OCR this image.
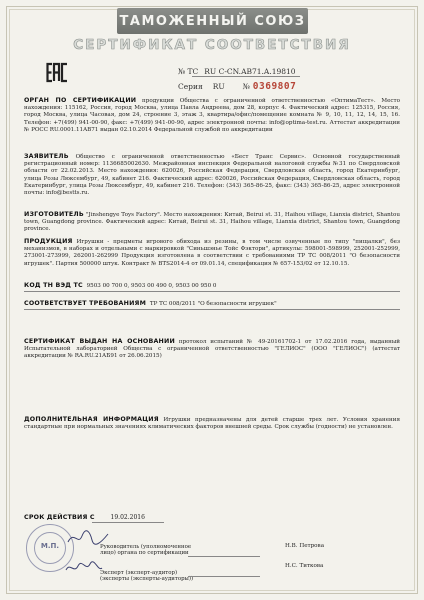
ТАМОЖЕННЫЙ СОЮЗ
СЕРТИФИКАТ СООТВЕТСТВИЯ
№ ТС RU C-CN.AB71.A.19810
Серия RU № 0369807
ОРГАН ПО СЕРТИФИКАЦИИ продукции Общества с ограниченной ответственностью «ОптимаТест». Место нахождения: 115162, Россия, город Москва, улица Павла Андреева, дом 28, корпус 4. Фактический адрес: 125315, Россия, город Москва, улица Часовая, дом 24, строение 3, этаж 3, квартира/офис/помещение комната № 9, 10, 11, 12, 14, 15, 16. Телефон: +7(499) 941-00-90, факс: +7(499) 941-00-90, адрес электронной почты: info@optima-test.ru. Аттестат аккредитации № РОСС RU.0001.11AB71 выдан 02.10.2014 Федеральной службой по аккредитации
ЗАЯВИТЕЛЬ Общество с ограниченной ответственностью «Бест Транс Сервис». Основной государственный регистрационный номер: 1136685002630. Межрайонная инспекция Федеральной налоговой службы №31 по Свердловской области от 22.02.2013. Место нахождения: 620026, Российская Федерация, Свердловская область, город Екатеринбург, улица Розы Люксембург, 49, кабинет 216. Фактический адрес: 620026, Российская Федерация, Свердловская область, город Екатеринбург, улица Розы Люксембург, 49, кабинет 216. Телефон: (343) 365-86-25, факс: (343) 365-86-25, адрес электронной почты: info@bestts.ru.
ИЗГОТОВИТЕЛЬ "Jinshengye Toys Factory". Место нахождения: Китай, Beirui st. 31, Haihou village, Lianxia district, Shantou town, Guangdong province. Фактический адрес: Китай, Beirui st. 31, Haihou village, Lianxia district, Shantou town, Guangdong province.
ПРОДУКЦИЯ Игрушки - предметы игрового обихода из резины, в том числе озвученные по типу "пищалки", без механизмов, в наборах и отдельными с маркировкой "Синьшэнье Тойс Фэктори", артикулы: 598001-598999, 252001-252999, 273001-273999, 262001-262999 Продукция изготовлена в соответствии с требованиями ТР ТС 008/2011 "О безопасности игрушек". Партия 500000 штук. Контракт № BTS2014-4 от 09.01.14, спецификация № 657-153/02 от 12.10.15.
КОД ТН ВЭД ТС 9503 00 700 0, 9503 00 490 0, 9503 00 950 0
СООТВЕТСТВУЕТ ТРЕБОВАНИЯМ ТР ТС 008/2011 "О безопасности игрушек"
СЕРТИФИКАТ ВЫДАН НА ОСНОВАНИИ протокол испытаний № 49-20161702-1 от 17.02.2016 года, выданный Испытательной лабораторией Общества с ограниченной ответственностью "ГЕЛИОС" (ООО "ГЕЛИОС") (аттестат аккредитации № RA.RU.21АБ91 от 26.06.2015)
ДОПОЛНИТЕЛЬНАЯ ИНФОРМАЦИЯ Игрушки предназначены для детей старше трех лет. Условия хранения стандартные при нормальных значениях климатических факторов внешней среды. Срок службы (годности) не установлен.
СРОК ДЕЙСТВИЯ С	19.02.2016
М.П.	Руководитель (уполномоченное
лицо) органа по сертификации
Н.В. Петрова
Эксперт (эксперт-аудитор)
(эксперты (эксперты-аудиторы))
Н.С. Титкова
